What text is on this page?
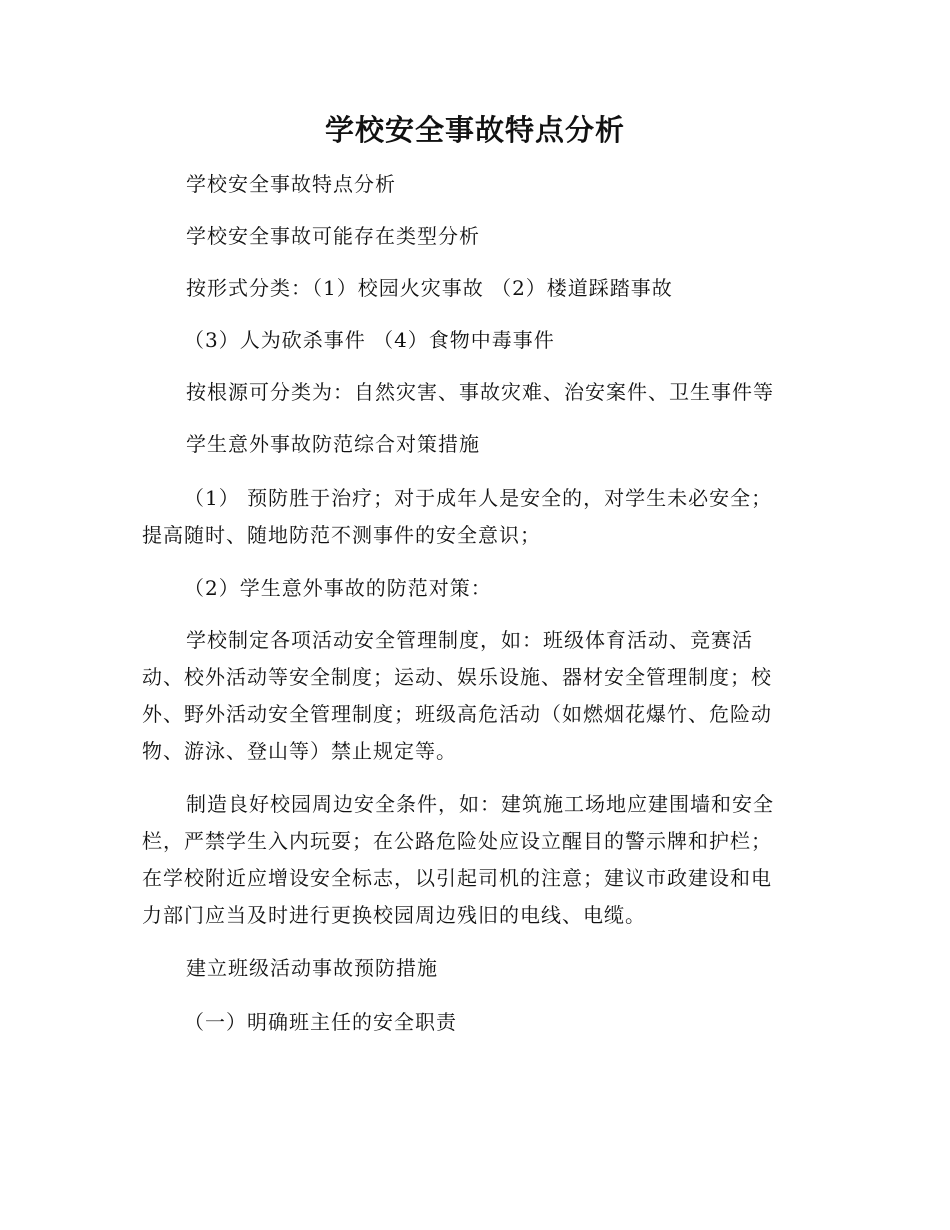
学校安全事故特点分析
学校安全事故特点分析
学校安全事故可能存在类型分析
按形式分类：（1）校园火灾事故 （2）楼道踩踏事故
（3）人为砍杀事件 （4）食物中毒事件
按根源可分类为：自然灾害、事故灾难、治安案件、卫生事件等
学生意外事故防范综合对策措施
（1） 预防胜于治疗；对于成年人是安全的，对学生未必安全；
提高随时、随地防范不测事件的安全意识；
（2）学生意外事故的防范对策：
学校制定各项活动安全管理制度，如：班级体育活动、竞赛活
动、校外活动等安全制度；运动、娱乐设施、器材安全管理制度；校
外、野外活动安全管理制度；班级高危活动（如燃烟花爆竹、危险动
物、游泳、登山等）禁止规定等。
制造良好校园周边安全条件，如：建筑施工场地应建围墙和安全
栏，严禁学生入内玩耍；在公路危险处应设立醒目的警示牌和护栏；
在学校附近应增设安全标志，以引起司机的注意；建议市政建设和电
力部门应当及时进行更换校园周边残旧的电线、电缆。
建立班级活动事故预防措施
（一）明确班主任的安全职责
